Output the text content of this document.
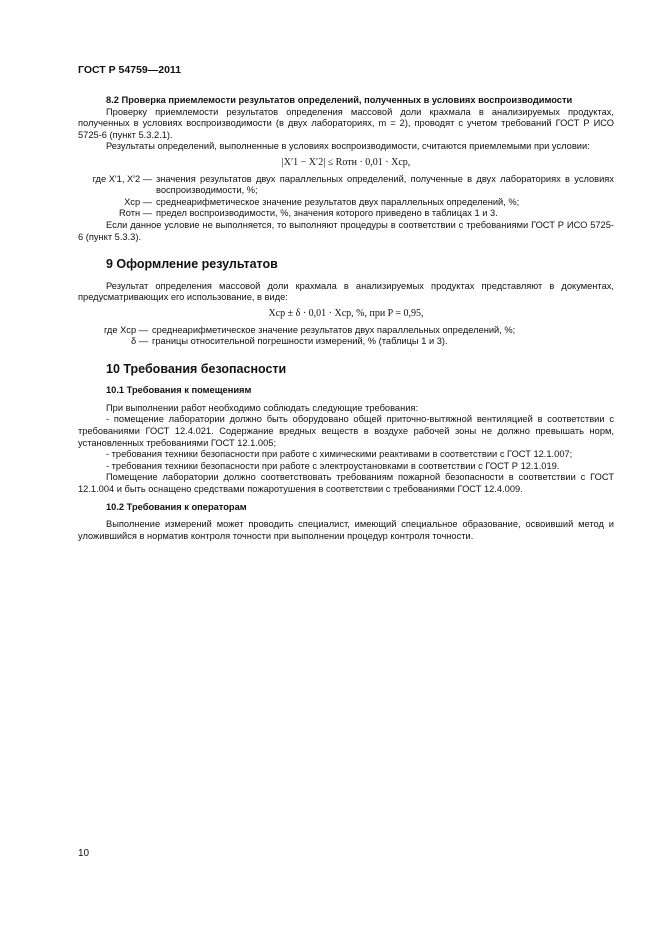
ГОСТ Р 54759—2011

8.2 Проверка приемлемости результатов определений, полученных в условиях воспроизводимости

Проверку приемлемости результатов определения массовой доли крахмала в анализируемых продуктах, полученных в условиях воспроизводимости (в двух лабораториях, m = 2), проводят с учетом требований ГОСТ Р ИСО 5725-6 (пункт 5.3.2.1).

Результаты определений, выполненные в условиях воспроизводимости, считаются приемлемыми при условии:

|X′1 − X′2| ≤ Rотн · 0,01 · Xср,
где X′1, X′2 — значения результатов двух параллельных определений, полученные в двух лабораториях в условиях воспроизводимости, %;
Xср — среднеарифметическое значение результатов двух параллельных определений, %;
Rотн — предел воспроизводимости, %, значения которого приведено в таблицах 1 и 3.

Если данное условие не выполняется, то выполняют процедуры в соответствии с требованиями ГОСТ Р ИСО 5725-6 (пункт 5.3.3).

9 Оформление результатов

Результат определения массовой доли крахмала в анализируемых продуктах представляют в документах, предусматривающих его использование, в виде:

Xср ± δ · 0,01 · Xср, %, при P = 0,95,
где Xср — среднеарифметическое значение результатов двух параллельных определений, %;
δ — границы относительной погрешности измерений, % (таблицы 1 и 3).

10 Требования безопасности

10.1 Требования к помещениям

При выполнении работ необходимо соблюдать следующие требования:

- помещение лаборатории должно быть оборудовано общей приточно-вытяжной вентиляцией в соответствии с требованиями ГОСТ 12.4.021. Содержание вредных веществ в воздухе рабочей зоны не должно превышать норм, установленных требованиями ГОСТ 12.1.005;

- требования техники безопасности при работе с химическими реактивами в соответствии с ГОСТ 12.1.007;

- требования техники безопасности при работе с электроустановками в соответствии с ГОСТ Р 12.1.019.

Помещение лаборатории должно соответствовать требованиям пожарной безопасности в соответствии с ГОСТ 12.1.004 и быть оснащено средствами пожаротушения в соответствии с требованиями ГОСТ 12.4.009.

10.2 Требования к операторам

Выполнение измерений может проводить специалист, имеющий специальное образование, освоивший метод и уложившийся в норматив контроля точности при выполнении процедур контроля точности.

10
